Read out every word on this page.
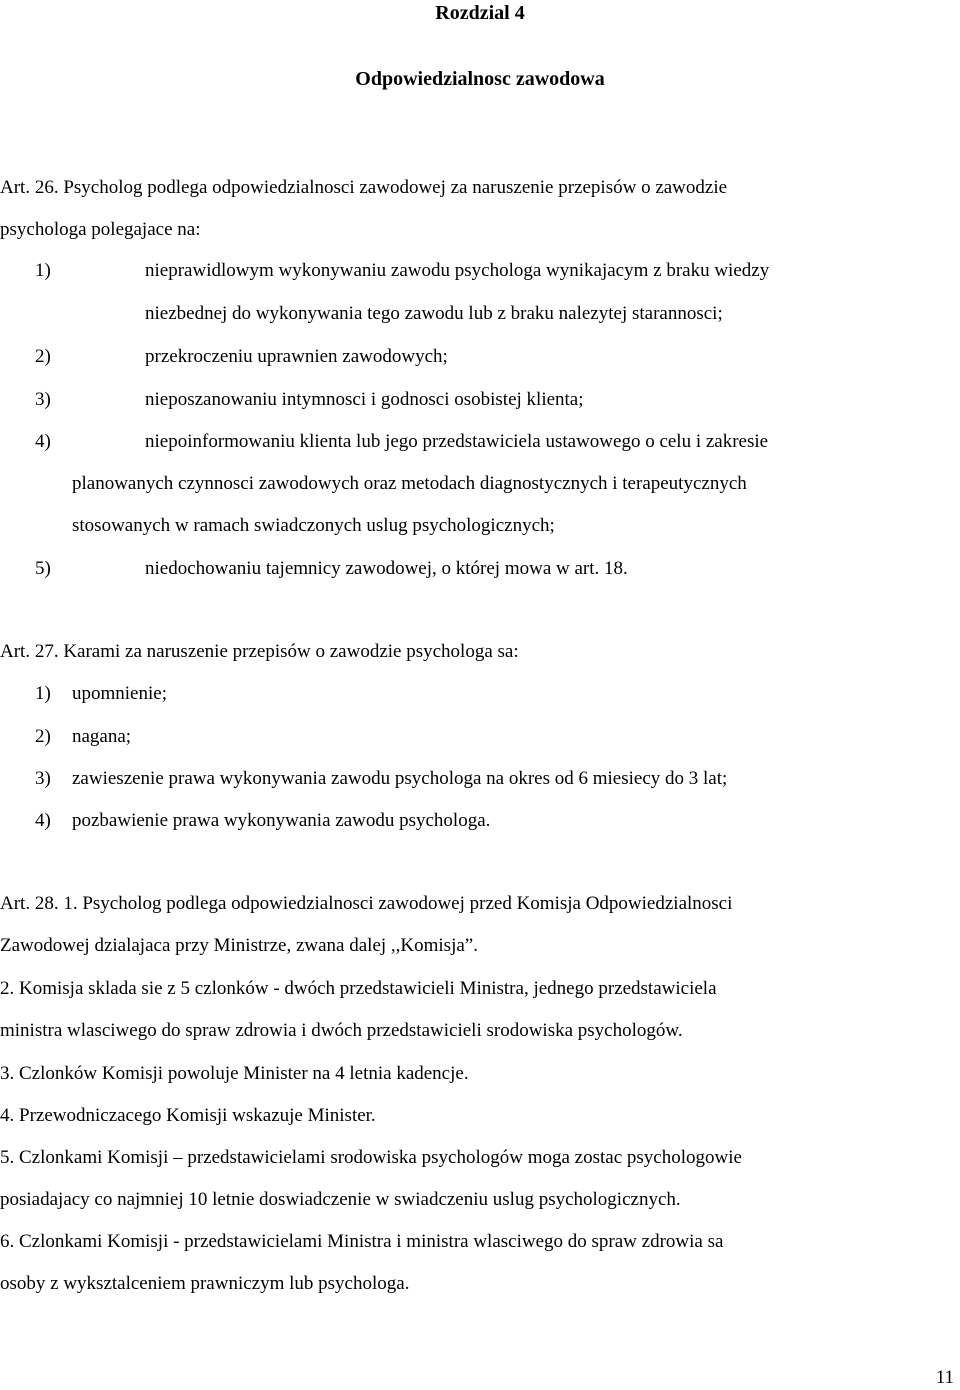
Rozdzial 4
Odpowiedzialnosc zawodowa
Art. 26. Psycholog podlega odpowiedzialnosci zawodowej za naruszenie przepisów o zawodzie
psychologa polegajace na:
1)	nieprawidlowym wykonywaniu zawodu psychologa wynikajacym z braku wiedzy
niezbednej do wykonywania tego zawodu lub z braku nalezytej starannosci;
2)	przekroczeniu uprawnien zawodowych;
3)	nieposzanowaniu intymnosci i godnosci osobistej klienta;
4)	niepoinformowaniu klienta lub jego przedstawiciela ustawowego o celu i zakresie
planowanych czynnosci zawodowych oraz metodach diagnostycznych i terapeutycznych
stosowanych w ramach swiadczonych uslug psychologicznych;
5)	niedochowaniu tajemnicy zawodowej, o której mowa w art. 18.
Art. 27. Karami za naruszenie przepisów o zawodzie psychologa sa:
1) upomnienie;
2) nagana;
3) zawieszenie prawa wykonywania zawodu psychologa na okres od 6 miesiecy do 3 lat;
4) pozbawienie prawa wykonywania zawodu psychologa.
Art. 28. 1. Psycholog podlega odpowiedzialnosci zawodowej przed Komisja Odpowiedzialnosci
Zawodowej dzialajaca przy Ministrze, zwana dalej ,,Komisja”.
2. Komisja sklada sie z 5 czlonków - dwóch przedstawicieli Ministra, jednego przedstawiciela
ministra wlasciwego do spraw zdrowia i dwóch przedstawicieli srodowiska psychologów.
3. Czlonków Komisji powoluje Minister na 4 letnia kadencje.
4. Przewodniczacego Komisji wskazuje Minister.
5. Czlonkami Komisji – przedstawicielami srodowiska psychologów moga zostac psychologowie
posiadajacy co najmniej 10 letnie doswiadczenie w swiadczeniu uslug psychologicznych.
6. Czlonkami Komisji - przedstawicielami Ministra i ministra wlasciwego do spraw zdrowia sa
osoby z wyksztalceniem prawniczym lub psychologa.
11
